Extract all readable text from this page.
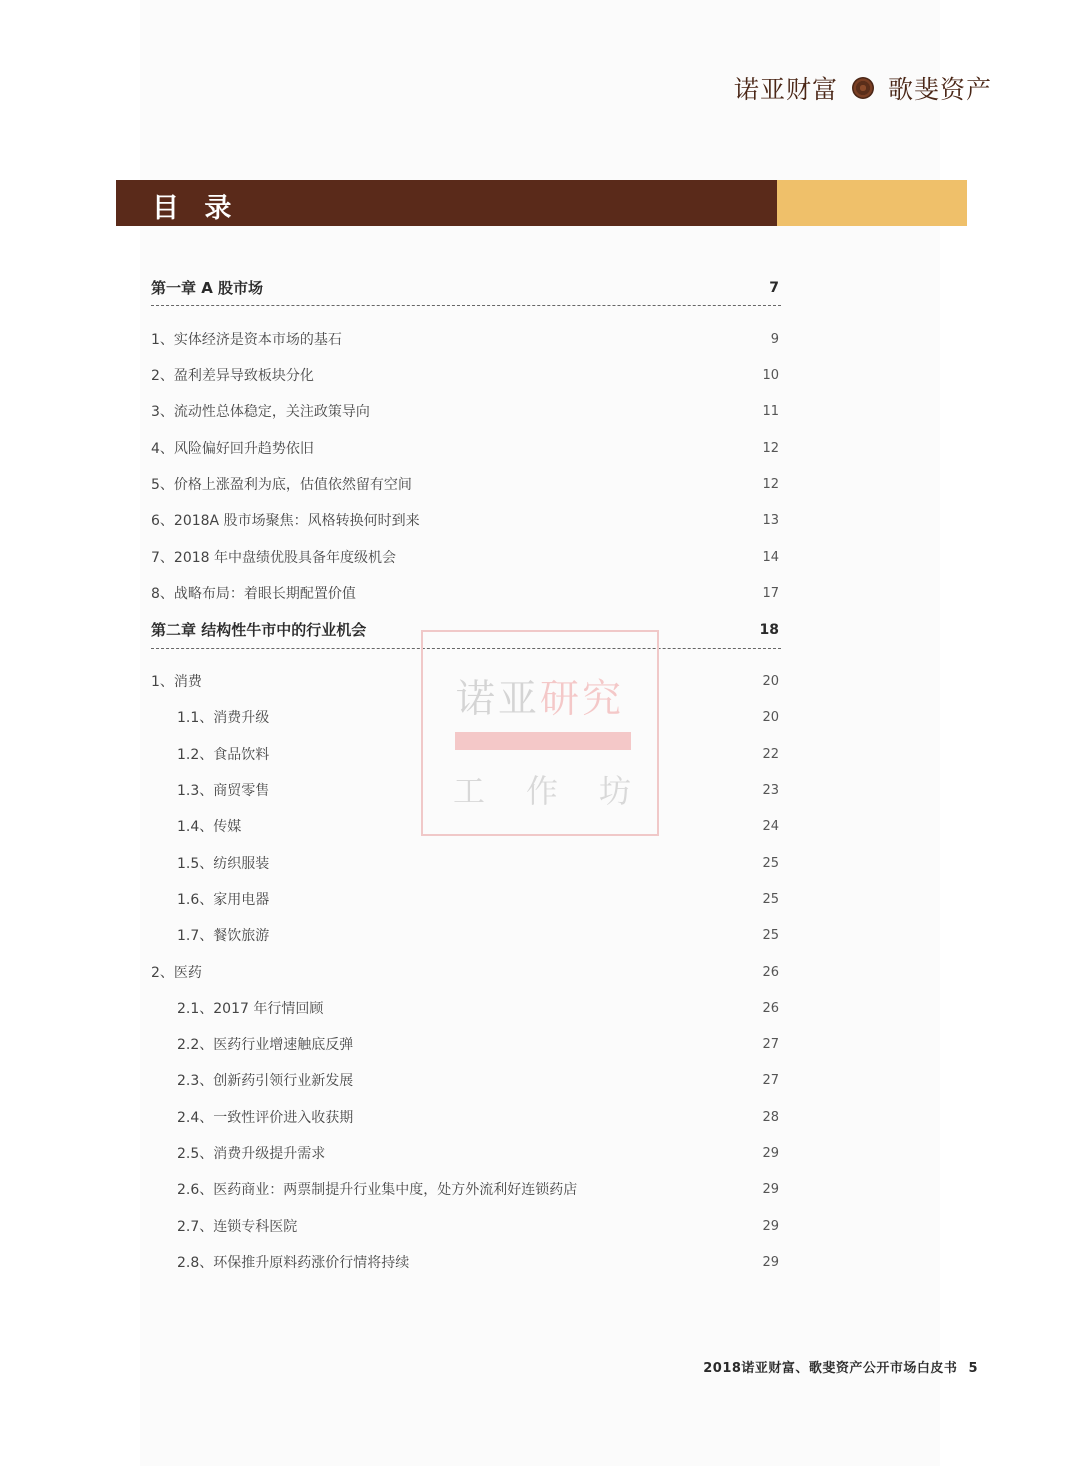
诺亚财富 歌斐资产
目 录
第一章 A 股市场	7
1、实体经济是资本市场的基石	9
2、盈利差异导致板块分化	10
3、流动性总体稳定，关注政策导向	11
4、风险偏好回升趋势依旧	12
5、价格上涨盈利为底，估值依然留有空间	12
6、2018A 股市场聚焦：风格转换何时到来	13
7、2018 年中盘绩优股具备年度级机会	14
8、战略布局：着眼长期配置价值	17
第二章 结构性牛市中的行业机会	18
1、消费	20
1.1、消费升级	20
1.2、食品饮料	22
1.3、商贸零售	23
1.4、传媒	24
1.5、纺织服装	25
1.6、家用电器	25
1.7、餐饮旅游	25
2、医药	26
2.1、2017 年行情回顾	26
2.2、医药行业增速触底反弹	27
2.3、创新药引领行业新发展	27
2.4、一致性评价进入收获期	28
2.5、消费升级提升需求	29
2.6、医药商业：两票制提升行业集中度，处方外流利好连锁药店	29
2.7、连锁专科医院	29
2.8、环保推升原料药涨价行情将持续	29
诺亚研究
工 作 坊
2018诺亚财富、歌斐资产公开市场白皮书 5
